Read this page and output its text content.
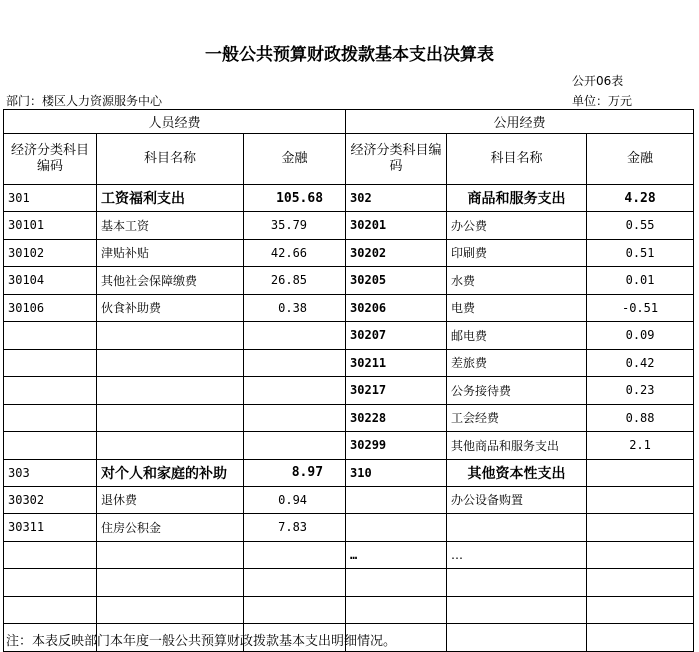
一般公共预算财政拨款基本支出决算表
公开06表
部门：楼区人力资源服务中心	单位：万元
人员经费			公用经费		
经济分类科目编码	科目名称	金融	经济分类科目编码	科目名称	金融
301	工资福利支出	105.68	302	商品和服务支出	4.28
30101	基本工资	35.79	30201	办公费	0.55
30102	津贴补贴	42.66	30202	印刷费	0.51
30104	其他社会保障缴费	26.85	30205	水费	0.01
30106	伙食补助费	0.38	30206	电费	-0.51
			30207	邮电费	0.09
			30211	差旅费	0.42
			30217	公务接待费	0.23
			30228	工会经费	0.88
			30299	其他商品和服务支出	2.1
303	对个人和家庭的补助	8.97	310	其他资本性支出	
30302	退休费	0.94		办公设备购置	
30311	住房公积金	7.83			
			…	…	

注：本表反映部门本年度一般公共预算财政拨款基本支出明细情况。
